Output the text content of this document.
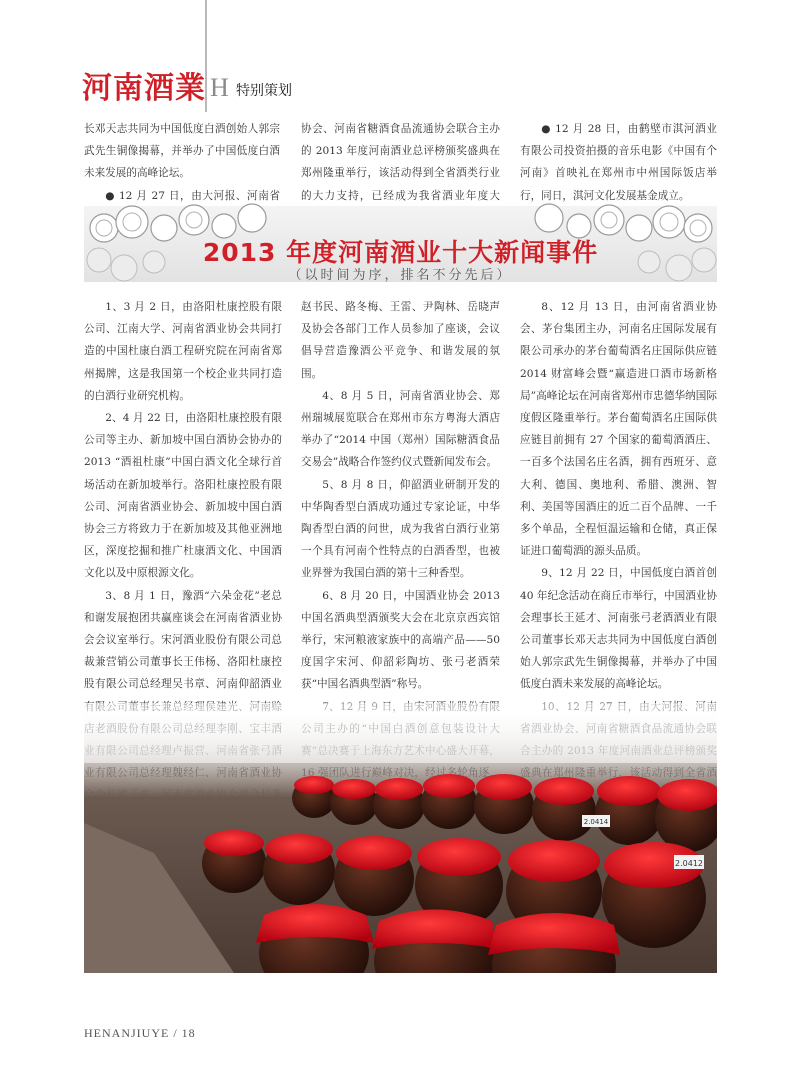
河南酒業 H 特别策划

长邓天志共同为中国低度白酒创始人郭宗武先生铜像揭幕，并举办了中国低度白酒未来发展的高峰论坛。

● 12 月 27 日，由大河报、河南省

协会、河南省糖酒食品流通协会联合主办的 2013 年度河南酒业总评榜颁奖盛典在郑州隆重举行，该活动得到全省酒类行业的大力支持，已经成为我省酒业年度大

● 12 月 28 日，由鹤壁市淇河酒业有限公司投资拍摄的音乐电影《中国有个河南》首映礼在郑州市中州国际饭店举行，同日，淇河文化发展基金成立。

2013 年度河南酒业十大新闻事件
（以时间为序，排名不分先后）

1、3 月 2 日，由洛阳杜康控股有限公司、江南大学、河南省酒业协会共同打造的中国杜康白酒工程研究院在河南省郑州揭牌，这是我国第一个校企业共同打造的白酒行业研究机构。

2、4 月 22 日，由洛阳杜康控股有限公司等主办、新加坡中国白酒协会协办的 2013 “酒祖杜康”中国白酒文化全球行首场活动在新加坡举行。洛阳杜康控股有限公司、河南省酒业协会、新加坡中国白酒协会三方将致力于在新加坡及其他亚洲地区，深度挖掘和推广杜康酒文化、中国酒文化以及中原根源文化。

3、8 月 1 日，豫酒“六朵金花”老总和谢发展抱团共赢座谈会在河南省酒业协会会议室举行。宋河酒业股份有限公司总裁兼营销公司董事长王伟杨、洛阳杜康控股有限公司总经理吴书章、河南仰韶酒业

赵书民、路冬梅、王雷、尹陶林、岳晓声及协会各部门工作人员参加了座谈，会议倡导营造豫酒公平竞争、和谐发展的氛围。

4、8 月 5 日，河南省酒业协会、郑州瑞城展览联合在郑州市东方粤海大酒店举办了“2014 中国（郑州）国际糖酒食品交易会”战略合作签约仪式暨新闻发布会。

5、8 月 8 日，仰韶酒业研制开发的中华陶香型白酒成功通过专家论证，中华陶香型白酒的问世，成为我省白酒行业第一个具有河南个性特点的白酒香型，也被业界誉为我国白酒的第十三种香型。

6、8 月 20 日，中国酒业协会 2013 中国名酒典型酒颁奖大会在北京京西宾馆举行，宋河粮液家族中的高端产品——50 度国字宋河、仰韶彩陶坊、张弓老酒荣获“中国名酒典型酒”称号。

8、12 月 13 日，由河南省酒业协会、茅台集团主办，河南名庄国际发展有限公司承办的茅台葡萄酒名庄国际供应链 2014 财富峰会暨“赢造进口酒市场新格局”高峰论坛在河南省郑州市忠德华纳国际度假区隆重举行。茅台葡萄酒名庄国际供应链目前拥有 27 个国家的葡萄酒酒庄、一百多个法国名庄名酒，拥有西班牙、意大利、德国、奥地利、希腊、澳洲、智利、美国等国酒庄的近二百个品牌、一千多个单品，全程恒温运输和仓储，真正保证进口葡萄酒的源头品质。

9、12 月 22 日，中国低度白酒首创 40 年纪念活动在商丘市举行，中国酒业协会理事长王延才、河南张弓老酒酒业有限公司董事长邓天志共同为中国低度白酒创始人郭宗武先生铜像揭幕，并举办了中国低度白酒未来发展的高峰论坛。

2.0412
2.0414
HENANJIUYE / 18
